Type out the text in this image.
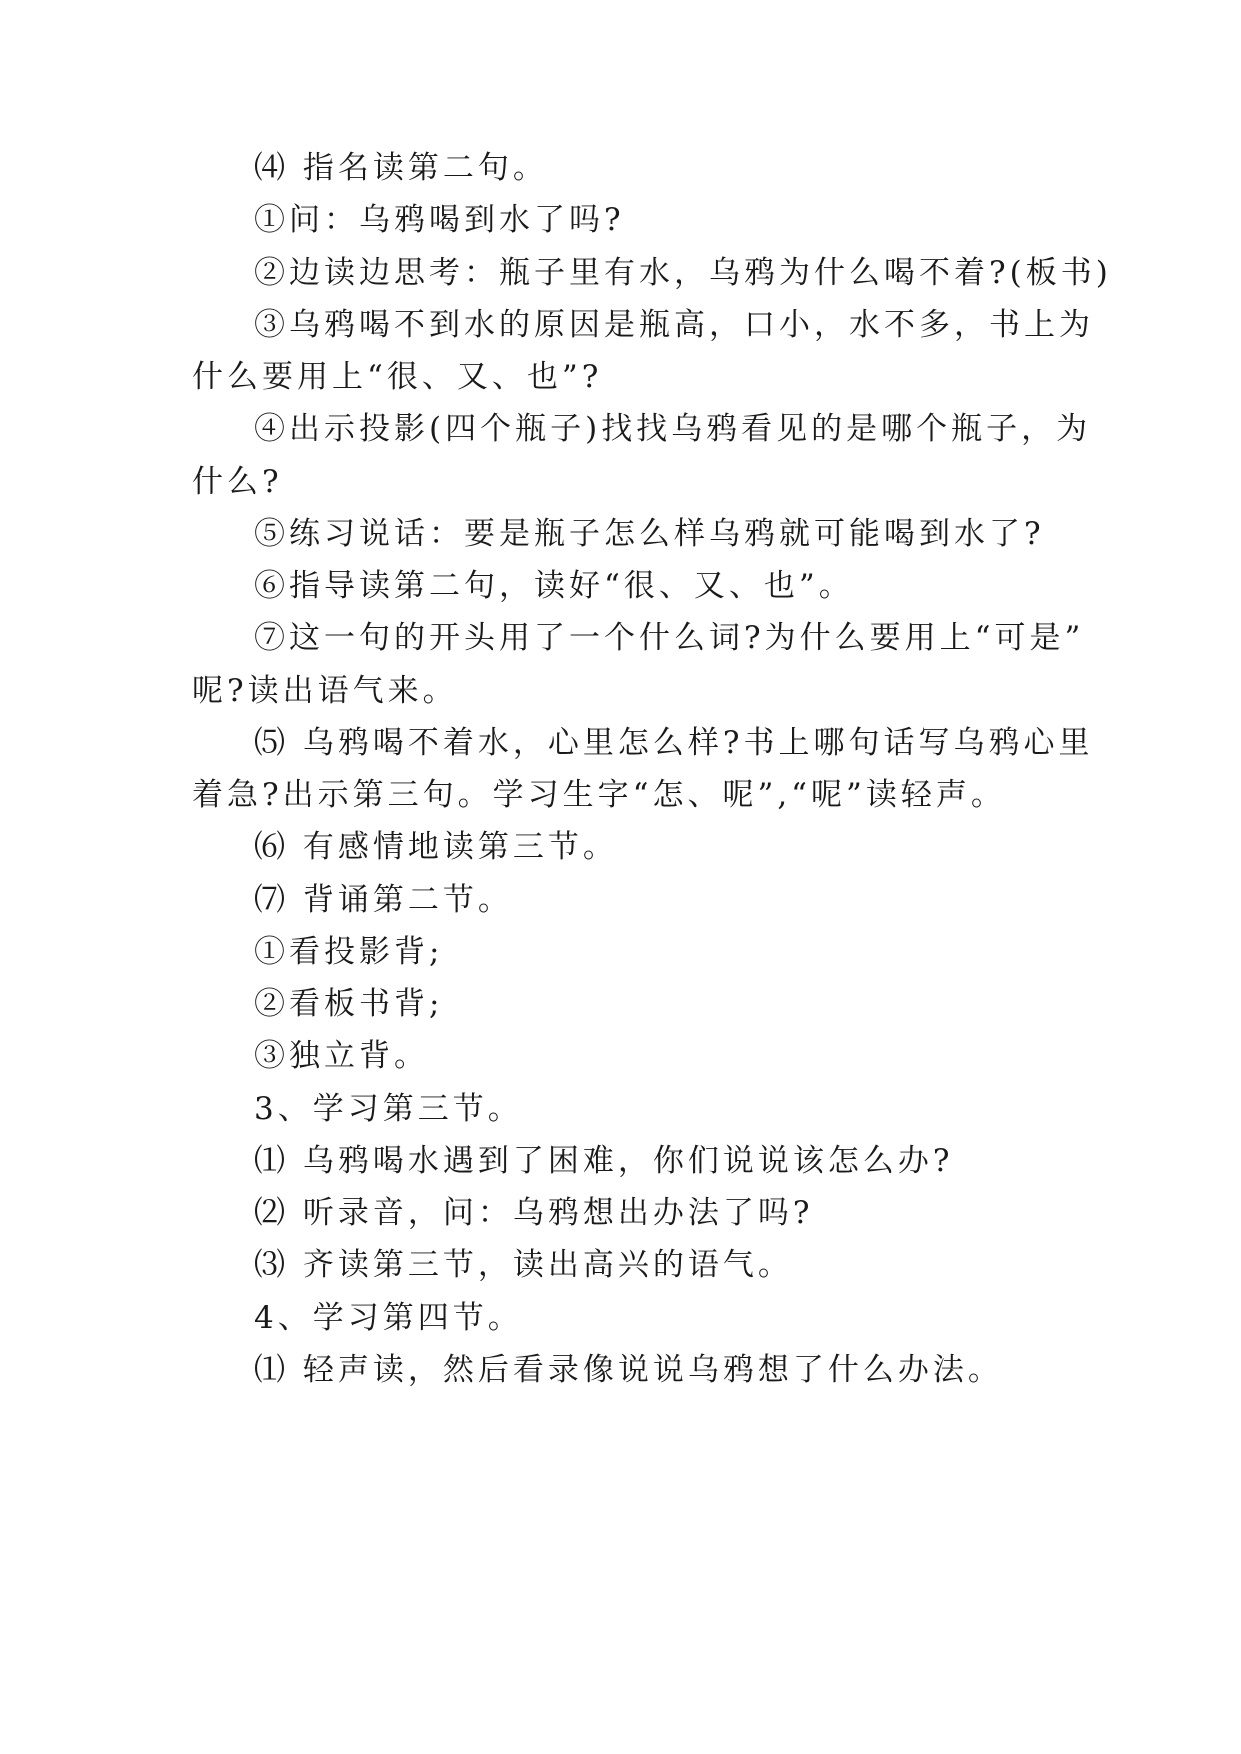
⑷ 指名读第二句。
①问：乌鸦喝到水了吗?
②边读边思考：瓶子里有水，乌鸦为什么喝不着?(板书)
③乌鸦喝不到水的原因是瓶高，口小，水不多，书上为
什么要用上“很、又、也”?
④出示投影(四个瓶子)找找乌鸦看见的是哪个瓶子，为
什么?
⑤练习说话：要是瓶子怎么样乌鸦就可能喝到水了?
⑥指导读第二句，读好“很、又、也”。
⑦这一句的开头用了一个什么词?为什么要用上“可是”
呢?读出语气来。
⑸ 乌鸦喝不着水，心里怎么样?书上哪句话写乌鸦心里
着急?出示第三句。学习生字“怎、呢”,“呢”读轻声。
⑹ 有感情地读第三节。
⑺ 背诵第二节。
①看投影背;
②看板书背;
③独立背。
3、学习第三节。
⑴ 乌鸦喝水遇到了困难，你们说说该怎么办?
⑵ 听录音，问：乌鸦想出办法了吗?
⑶ 齐读第三节，读出高兴的语气。
4、学习第四节。
⑴ 轻声读，然后看录像说说乌鸦想了什么办法。
